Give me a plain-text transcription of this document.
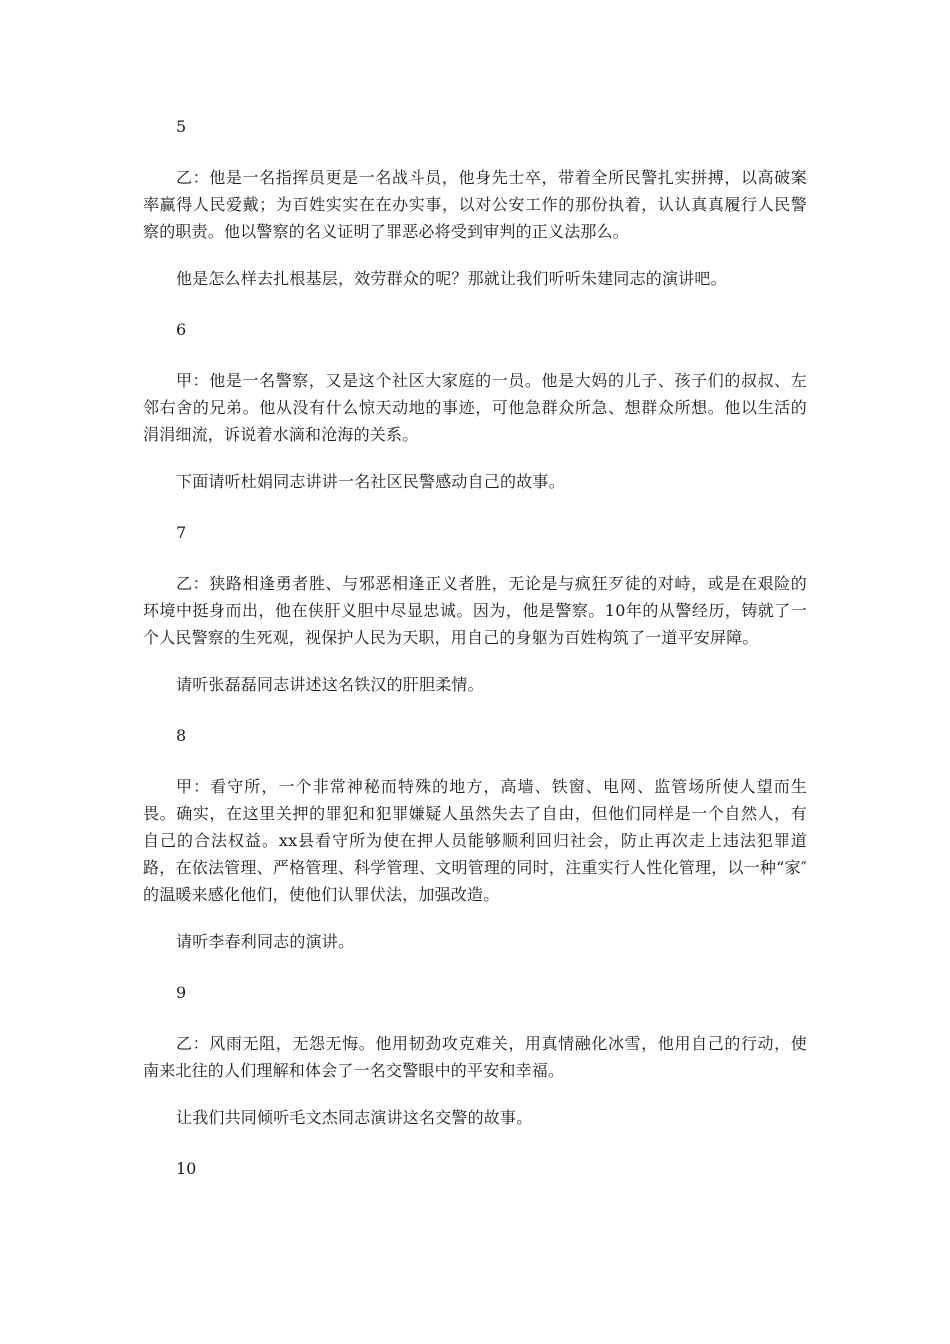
5

乙：他是一名指挥员更是一名战斗员，他身先士卒，带着全所民警扎实拼搏，以高破案率赢得人民爱戴；为百姓实实在在办实事，以对公安工作的那份执着，认认真真履行人民警察的职责。他以警察的名义证明了罪恶必将受到审判的正义法那么。

他是怎么样去扎根基层，效劳群众的呢？那就让我们听听朱建同志的演讲吧。

6

甲：他是一名警察，又是这个社区大家庭的一员。他是大妈的儿子、孩子们的叔叔、左邻右舍的兄弟。他从没有什么惊天动地的事迹，可他急群众所急、想群众所想。他以生活的涓涓细流，诉说着水滴和沧海的关系。

下面请听杜娟同志讲讲一名社区民警感动自己的故事。

7

乙：狭路相逢勇者胜、与邪恶相逢正义者胜，无论是与疯狂歹徒的对峙，或是在艰险的环境中挺身而出，他在侠肝义胆中尽显忠诚。因为，他是警察。10年的从警经历，铸就了一个人民警察的生死观，视保护人民为天职，用自己的身躯为百姓构筑了一道平安屏障。

请听张磊磊同志讲述这名铁汉的肝胆柔情。

8

甲：看守所，一个非常神秘而特殊的地方，高墙、铁窗、电网、监管场所使人望而生畏。确实，在这里关押的罪犯和犯罪嫌疑人虽然失去了自由，但他们同样是一个自然人，有自己的合法权益。xx县看守所为使在押人员能够顺利回归社会，防止再次走上违法犯罪道路，在依法管理、严格管理、科学管理、文明管理的同时，注重实行人性化管理，以一种“家″的温暖来感化他们，使他们认罪伏法，加强改造。

请听李春利同志的演讲。

9

乙：风雨无阻，无怨无悔。他用韧劲攻克难关，用真情融化冰雪，他用自己的行动，使南来北往的人们理解和体会了一名交警眼中的平安和幸福。

让我们共同倾听毛文杰同志演讲这名交警的故事。

10
